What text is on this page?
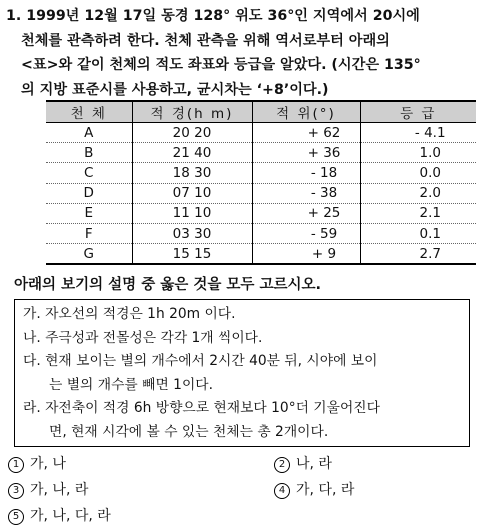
1. 1999년 12월 17일 동경 128° 위도 36°인 지역에서 20시에
천체를 관측하려 한다. 천체 관측을 위해 역서로부터 아래의
<표>와 같이 천체의 적도 좌표와 등급을 알았다. (시간은 135°
의 지방 표준시를 사용하고, 균시차는 ‘+8’이다.)
천 체	적 경(h m)	적 위(°)	등 급
A	20 20	+ 62	- 4.1
B	21 40	+ 36	1.0
C	18 30	- 18	0.0
D	07 10	- 38	2.0
E	11 10	+ 25	2.1
F	03 30	- 59	0.1
G	15 15	+ 9	2.7
아래의 보기의 설명 중 옳은 것을 모두 고르시오.
가. 자오선의 적경은 1h 20m 이다.
나. 주극성과 전몰성은 각각 1개 씩이다.
다. 현재 보이는 별의 개수에서 2시간 40분 뒤, 시야에 보이
는 별의 개수를 빼면 1이다.
라. 자전축이 적경 6h 방향으로 현재보다 10°더 기울어진다
면, 현재 시각에 볼 수 있는 천체는 총 2개이다.
1 가, 나	2 나, 라
3 가, 나, 라	4 가, 다, 라
5 가, 나, 다, 라
